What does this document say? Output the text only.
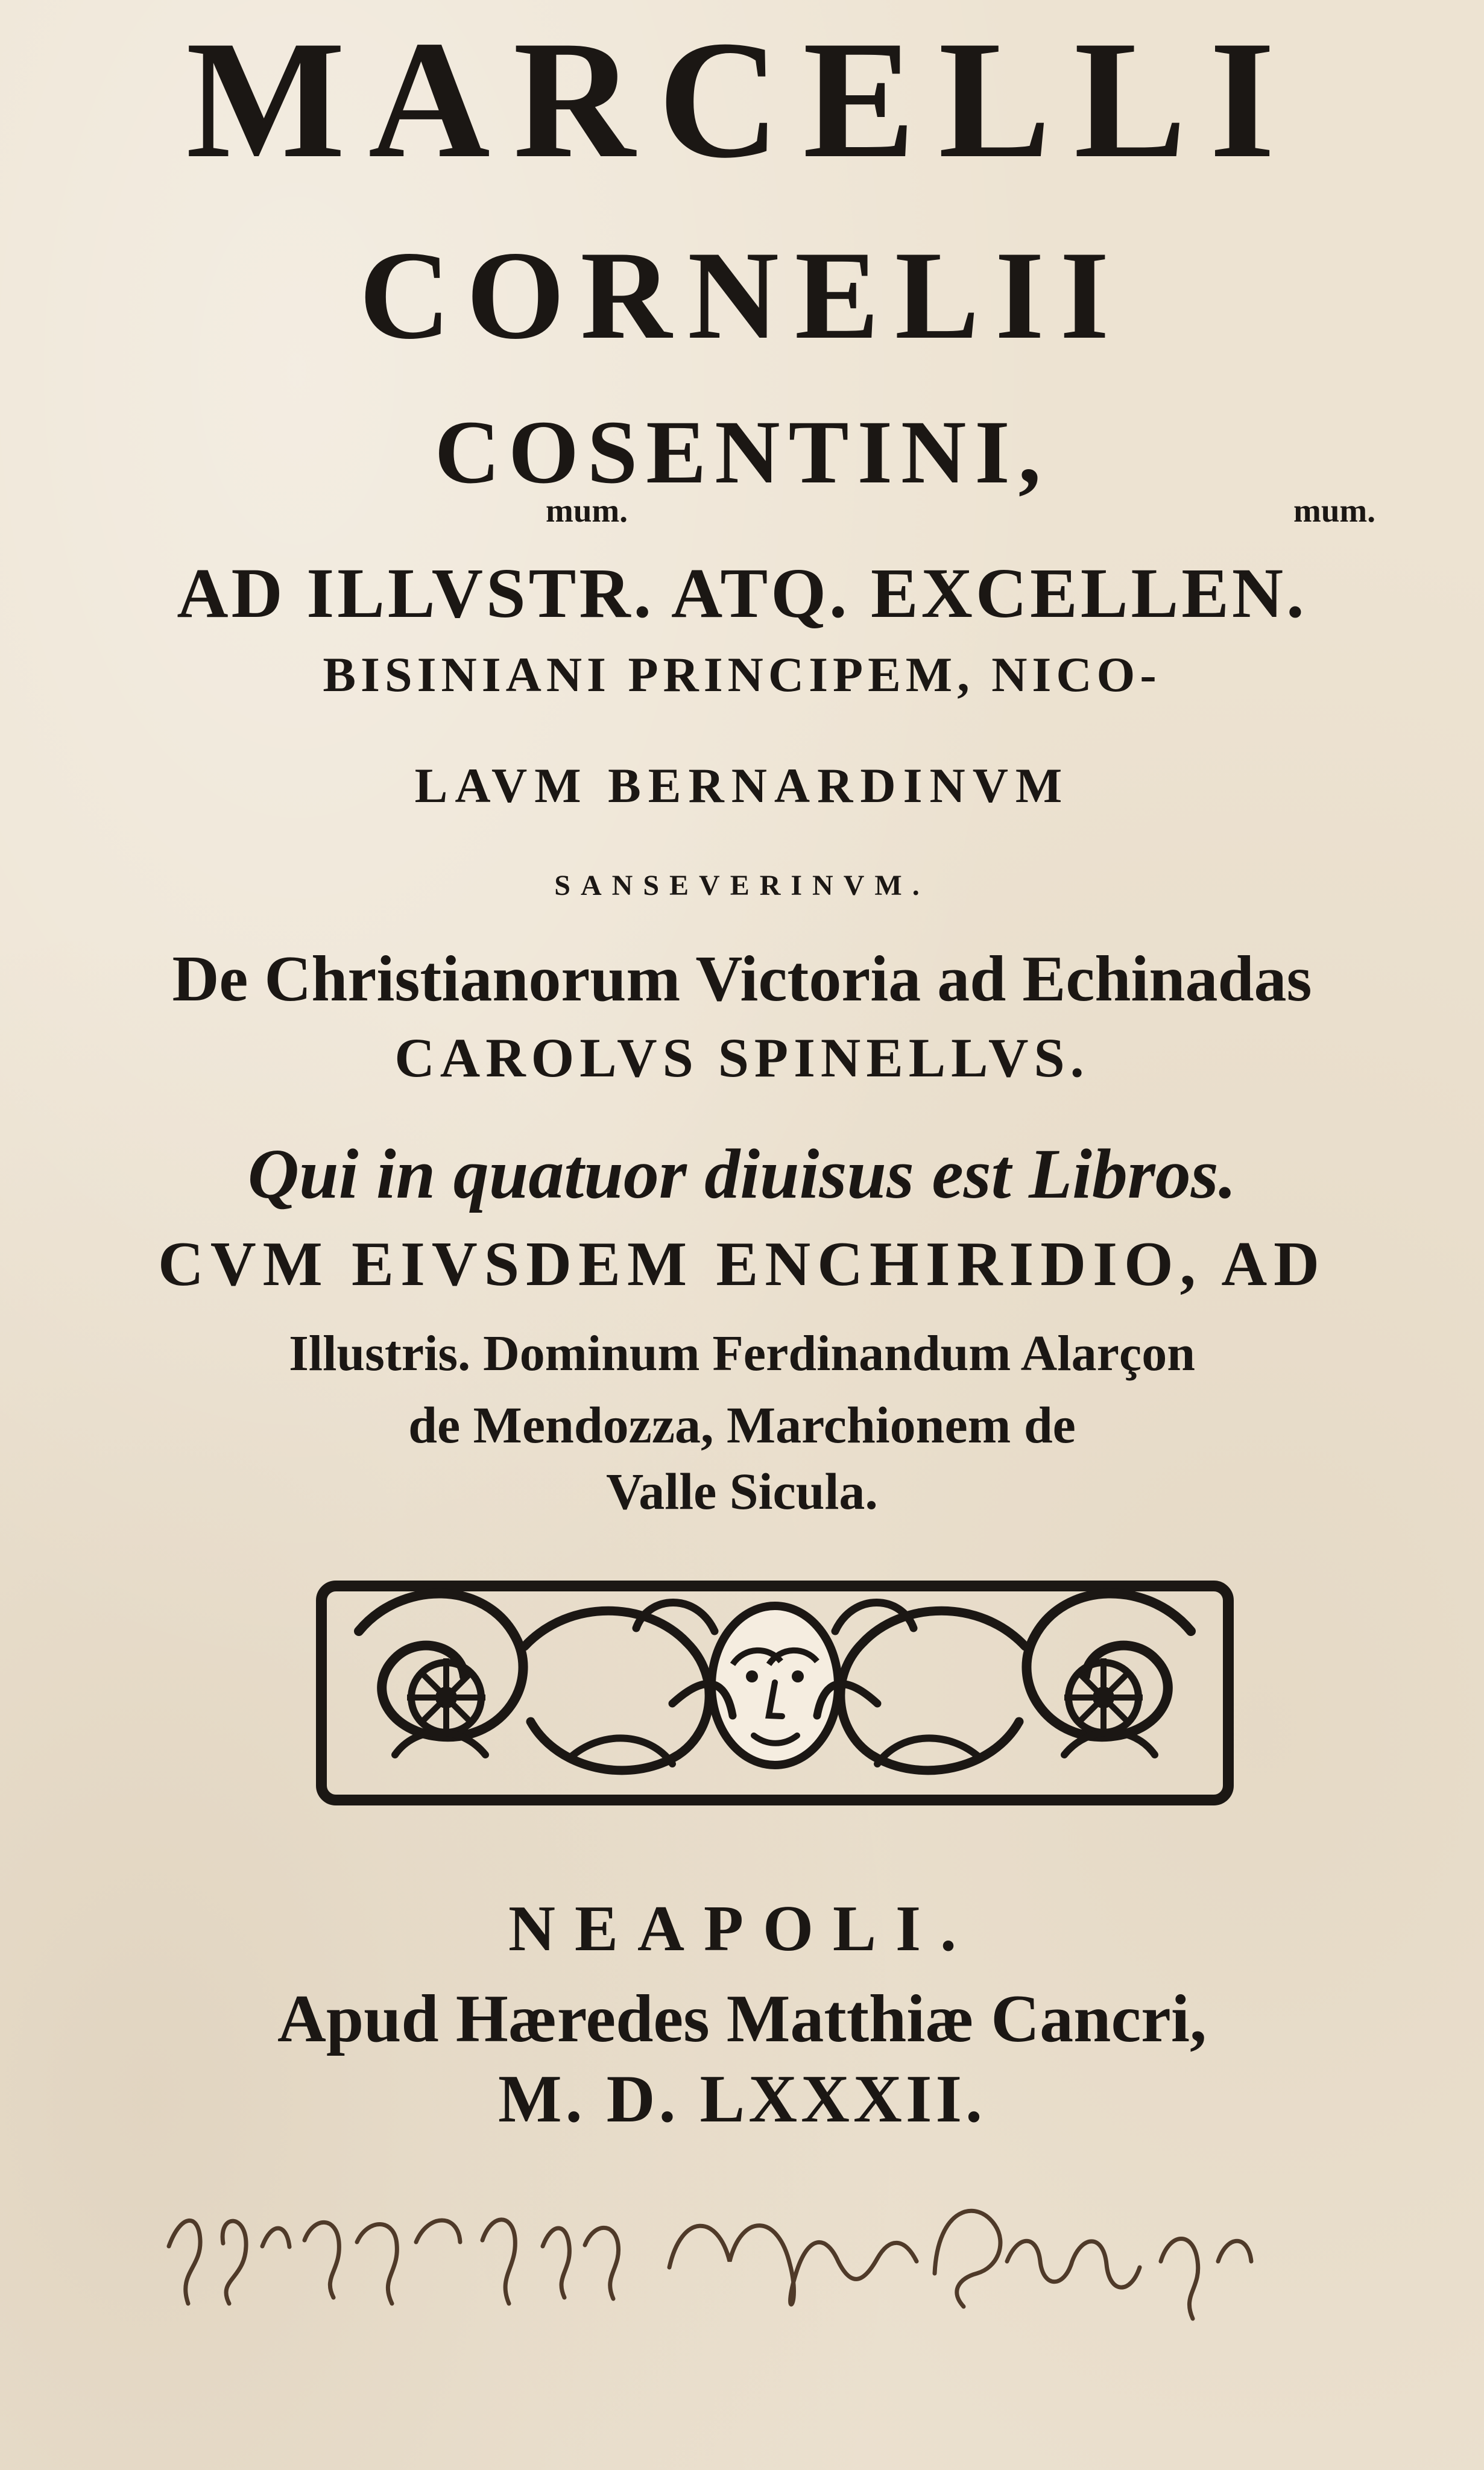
MARCELLI
CORNELII
COSENTINI,
mum.	mum.
AD ILLVSTR. ATQ. EXCELLEN.
BISINIANI PRINCIPEM, NICO-
LAVM BERNARDINVM
SANSEVERINVM.
De Christianorum Victoria ad Echinadas
CAROLVS SPINELLVS.
Qui in quatuor diuisus est Libros.
CVM EIVSDEM ENCHIRIDIO, AD
Illustris. Dominum Ferdinandum Alarçon
de Mendozza, Marchionem de
Valle Sicula.
NEAPOLI.
Apud Hæredes Matthiæ Cancri,
M. D. LXXXII.
Scripserat hac Marcellus Cornelius puer.
